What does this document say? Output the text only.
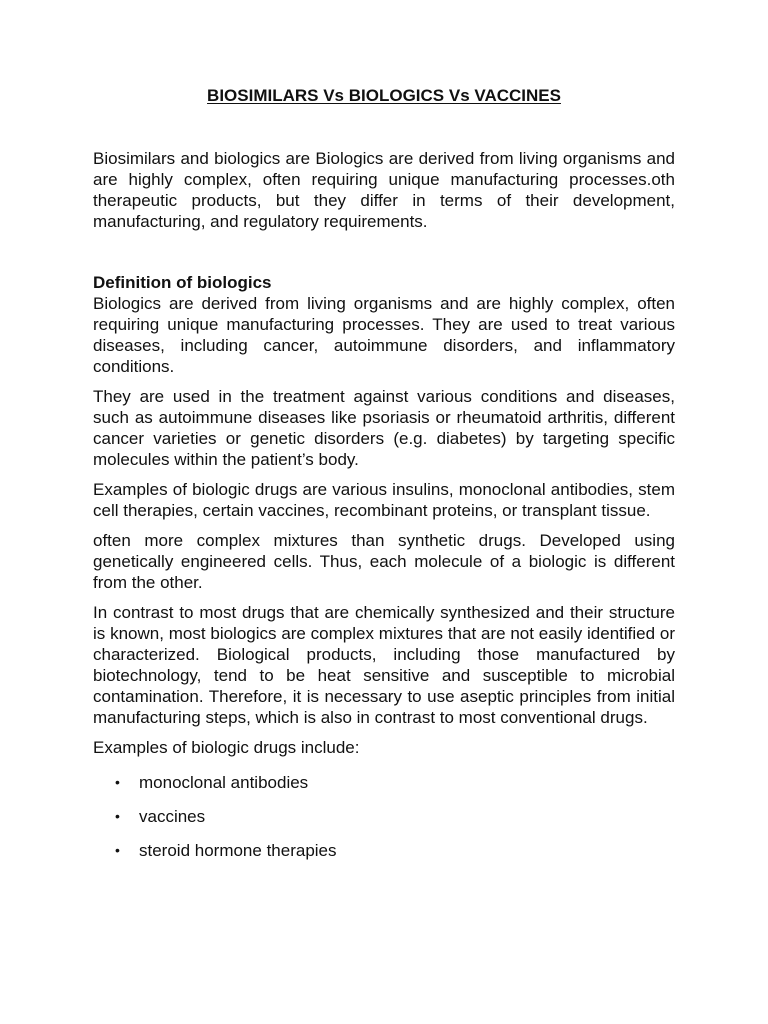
BIOSIMILARS Vs BIOLOGICS Vs VACCINES
Biosimilars and biologics are Biologics are derived from living organisms and are highly complex, often requiring unique manufacturing processes.oth therapeutic products, but they differ in terms of their development, manufacturing, and regulatory requirements.

Definition of biologics

Biologics are derived from living organisms and are highly complex, often requiring unique manufacturing processes. They are used to treat various diseases, including cancer, autoimmune disorders, and inflammatory conditions.

They are used in the treatment against various conditions and diseases, such as autoimmune diseases like psoriasis or rheumatoid arthritis, different cancer varieties or genetic disorders (e.g. diabetes) by targeting specific molecules within the patient’s body.

Examples of biologic drugs are various insulins, monoclonal antibodies, stem cell therapies, certain vaccines, recombinant proteins, or transplant tissue.

often more complex mixtures than synthetic drugs. Developed using genetically engineered cells. Thus, each molecule of a biologic is different from the other.

In contrast to most drugs that are chemically synthesized and their structure is known, most biologics are complex mixtures that are not easily identified or characterized. Biological products, including those manufactured by biotechnology, tend to be heat sensitive and susceptible to microbial contamination. Therefore, it is necessary to use aseptic principles from initial manufacturing steps, which is also in contrast to most conventional drugs.

Examples of biologic drugs include:

• monoclonal antibodies
• vaccines
• steroid hormone therapies
